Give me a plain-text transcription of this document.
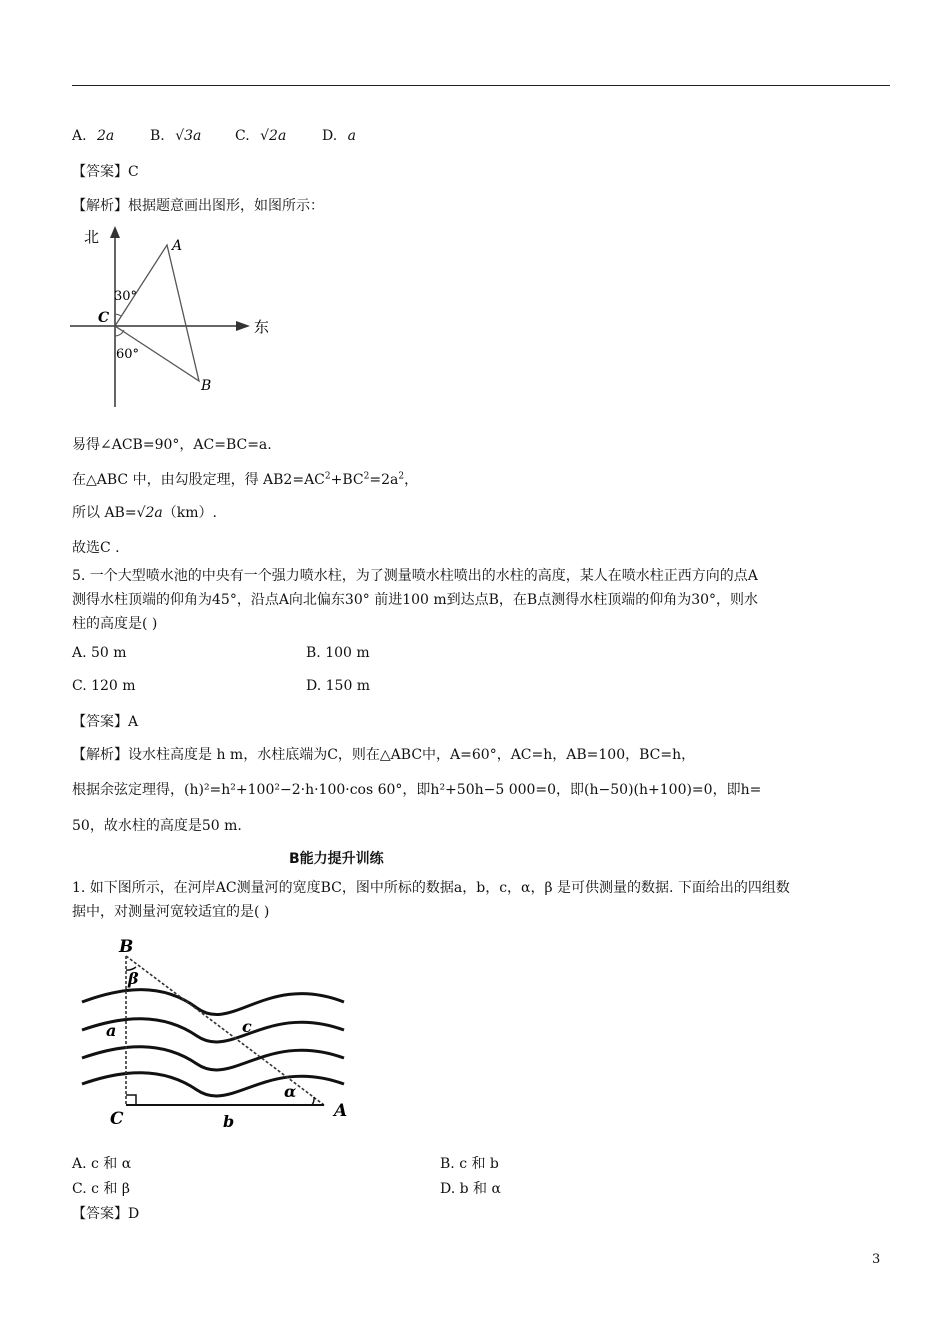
A. 2a	B. √3a C. √2a	D. a
【答案】C
【解析】根据题意画出图形，如图所示：
北
东
A
B
C
30°
60°
易得∠ACB=90°，AC=BC=a.
在△ABC 中，由勾股定理，得 $AB2=AC^2+BC^2=2a^2$，
所以 AB=√2a（km）.
故选C .
5. 一个大型喷水池的中央有一个强力喷水柱，为了测量喷水柱喷出的水柱的高度，某人在喷水柱正西方向的点A
测得水柱顶端的仰角为45°，沿点A向北偏东30° 前进100 m到达点B，在B点测得水柱顶端的仰角为30°，则水
柱的高度是( )
A. 50 m	B. 100 m
C. 120 m	D. 150 m
【答案】A
【解析】设水柱高度是 h m，水柱底端为C，则在△ABC中，A=60°，AC=h，AB=100，BC=h，
根据余弦定理得，(h)²=h²+100²−2·h·100·cos 60°，即h²+50h−5 000=0，即(h−50)(h+100)=0，即h=
50，故水柱的高度是50 m.
B能力提升训练
1. 如下图所示，在河岸AC测量河的宽度BC，图中所标的数据a，b，c，α，β 是可供测量的数据. 下面给出的四组数
据中，对测量河宽较适宜的是( )
B
β
a	c
C	b
α
A
A. c 和 α	B. c 和 b
C. c 和 β	D. b 和 α
【答案】D
3
